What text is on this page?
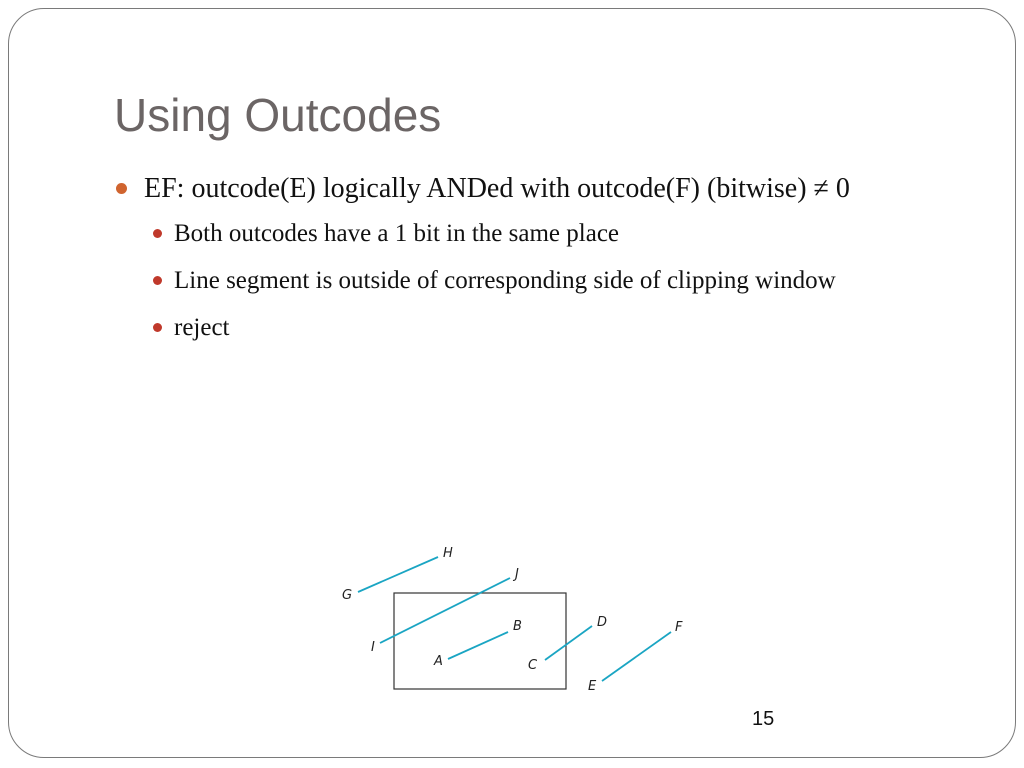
Using Outcodes
EF: outcode(E) logically ANDed with outcode(F) (bitwise) ≠ 0
Both outcodes have a 1 bit in the same place
Line segment is outside of corresponding side of clipping window
reject
G
H
I
J
A
B
C
D
E
F
15
